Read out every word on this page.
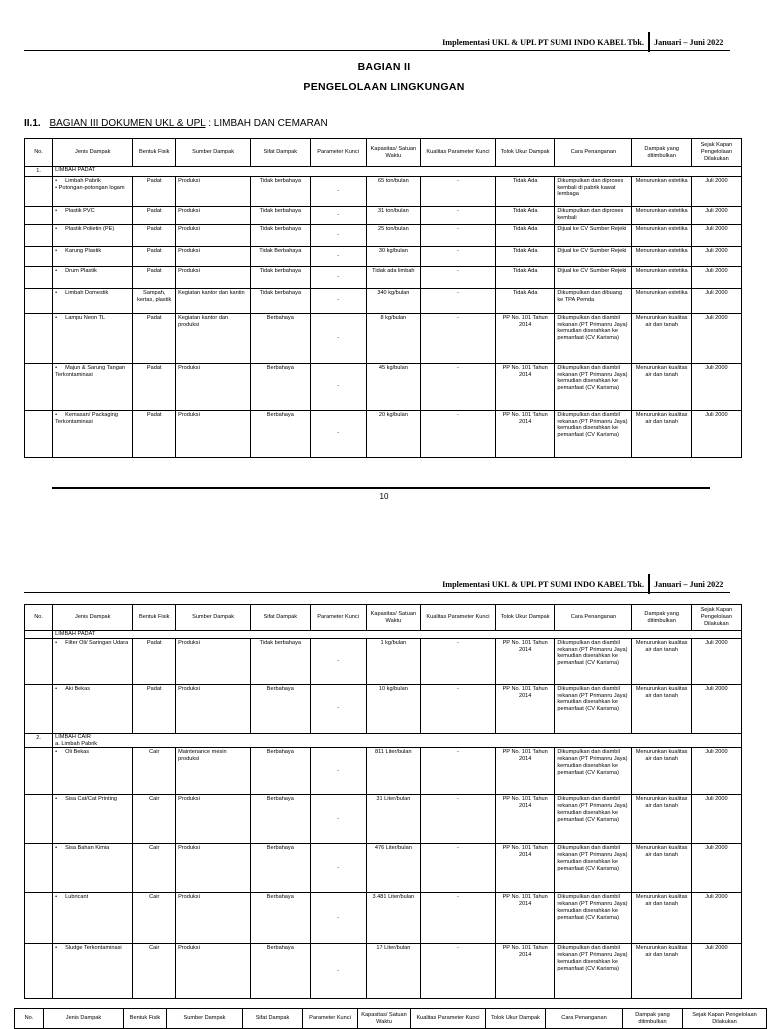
Implementasi UKL & UPL PT SUMI INDO KABEL Tbk. Januari – Juni 2022
BAGIAN II
PENGELOLAAN LINGKUNGAN
II.1. BAGIAN III DOKUMEN UKL & UPL : LIMBAH DAN CEMARAN
No.	Jenis Dampak	Bentuk Fisik	Sumber Dampak	Sifat Dampak	Parameter Kunci	Kapasitas/ Satuan Waktu	Kualitas Parameter Kunci	Tolok Ukur Dampak	Cara Penanganan	Dampak yang ditimbulkan	Sejak Kapan Pengelolaan Dilakukan
1.	LIMBAH PADAT										

	• Limbah Pabrik
• Potongan-potongan logam	Padat	Produksi	Tidak berbahaya	-	65 ton/bulan	-	Tidak Ada	Dikumpulkan dan diproses kembali di pabrik kawat lembaga	Menurunkan estetika	Juli 2000

	• Plastik PVC	Padat	Produksi	Tidak berbahaya	-	31 ton/bulan	-	Tidak Ada	Dikumpulkan dan diproses kembali	Menurunkan estetika	Juli 2000

	• Plastik Polietin (PE)	Padat	Produksi	Tidak berbahaya	-	25 ton/bulan	-	Tidak Ada	Dijual ke CV Sumber Rejeki	Menurunkan estetika	Juli 2000

	• Karung Plastik	Padat	Produksi	Tidak Berbahaya	-	30 kg/bulan	-	Tidak Ada	Dijual ke CV Sumber Rejeki	Menurunkan estetika	Juli 2000

	• Drum Plastik	Padat	Produksi	Tidak berbahaya	-	Tidak ada limbah	-	Tidak Ada	Dijual ke CV Sumber Rejeki	Menurunkan estetika	Juli 2000

	• Limbah Domestik	Sampah, kertas, plastik	Kegiatan kantor dan kantin	Tidak berbahaya	-	340 kg/bulan	-	Tidak Ada	Dikumpulkan dan dibuang ke TPA Pemda	Menurunkan estetika	Juli 2000

	• Lampu Neon TL	Padat	Kegiatan kantor dan produksi	Berbahaya	-	8 kg/bulan	-	PP No. 101 Tahun 2014	Dikumpulkan dan diambil rekanan (PT Primanru Jaya) kemudian diserahkan ke pemanfaat (CV Karisma)	Menurunkan kualitas air dan tanah	Juli 2000

	• Majun & Sarung Tangan Terkontaminasi	Padat	Produksi	Berbahaya	-	45 kg/bulan	-	PP No. 101 Tahun 2014	Dikumpulkan dan diambil rekanan (PT Primanru Jaya) kemudian diserahkan ke pemanfaat (CV Karisma)	Menurunkan kualitas air dan tanah	Juli 2000

	• Kemasan/ Packaging Terkontaminasi	Padat	Produksi	Berbahaya	-	20 kg/bulan	-	PP No. 101 Tahun 2014	Dikumpulkan dan diambil rekanan (PT Primanru Jaya) kemudian diserahkan ke pemanfaat (CV Karisma)	Menurunkan kualitas air dan tanah	Juli 2000
10
Implementasi UKL & UPL PT SUMI INDO KABEL Tbk. Januari – Juni 2022
No.	Jenis Dampak	Bentuk Fisik	Sumber Dampak	Sifat Dampak	Parameter Kunci	Kapasitas/ Satuan Waktu	Kualitas Parameter Kunci	Tolok Ukur Dampak	Cara Penanganan	Dampak yang ditimbulkan	Sejak Kapan Pengelolaan Dilakukan

	LIMBAH PADAT										

	• Filter Oli/ Saringan Udara	Padat	Produksi	Tidak berbahaya	-	1 kg/bulan	-	PP No. 101 Tahun 2014	Dikumpulkan dan diambil rekanan (PT Primanru Jaya) kemudian diserahkan ke pemanfaat (CV Karisma)	Menurunkan kualitas air dan tanah	Juli 2000

	• Aki Bekas	Padat	Produksi	Berbahaya	-	10 kg/bulan	-	PP No. 101 Tahun 2014	Dikumpulkan dan diambil rekanan (PT Primanru Jaya) kemudian diserahkan ke pemanfaat (CV Karisma)	Menurunkan kualitas air dan tanah	Juli 2000
2.	LIMBAH CAIR
a. Limbah Pabrik										

	• Oli Bekas	Cair	Maintenance mesin produksi	Berbahaya	-	811 Liter/bulan	-	PP No. 101 Tahun 2014	Dikumpulkan dan diambil rekanan (PT Primanru Jaya) kemudian diserahkan ke pemanfaat (CV Karisma)	Menurunkan kualitas air dan tanah	Juli 2000

	• Sisa Cat/Cat Printing	Cair	Produksi	Berbahaya	-	31 Liter/bulan	-	PP No. 101 Tahun 2014	Dikumpulkan dan diambil rekanan (PT Primanru Jaya) kemudian diserahkan ke pemanfaat (CV Karisma)	Menurunkan kualitas air dan tanah	Juli 2000

	• Sisa Bahan Kimia	Cair	Produksi	Berbahaya	-	476 Liter/bulan	-	PP No. 101 Tahun 2014	Dikumpulkan dan diambil rekanan (PT Primanru Jaya) kemudian diserahkan ke pemanfaat (CV Karisma)	Menurunkan kualitas air dan tanah	Juli 2000

	• Lubricant	Cair	Produksi	Berbahaya	-	3.481 Liter/bulan	-	PP No. 101 Tahun 2014	Dikumpulkan dan diambil rekanan (PT Primanru Jaya) kemudian diserahkan ke pemanfaat (CV Karisma)	Menurunkan kualitas air dan tanah	Juli 2000

	• Sludge Terkontaminasi	Cair	Produksi	Berbahaya	-	17 Liter/bulan	-	PP No. 101 Tahun 2014	Dikumpulkan dan diambil rekanan (PT Primanru Jaya) kemudian diserahkan ke pemanfaat (CV Karisma)	Menurunkan kualitas air dan tanah	Juli 2000
No.	Jenis Dampak	Bentuk Fisik	Sumber Dampak	Sifat Dampak	Parameter Kunci	Kapasitas/ Satuan Waktu	Kualitas Parameter Kunci	Tolok Ukur Dampak	Cara Penanganan	Dampak yang ditimbulkan	Sejak Kapan Pengelolaan Dilakukan
